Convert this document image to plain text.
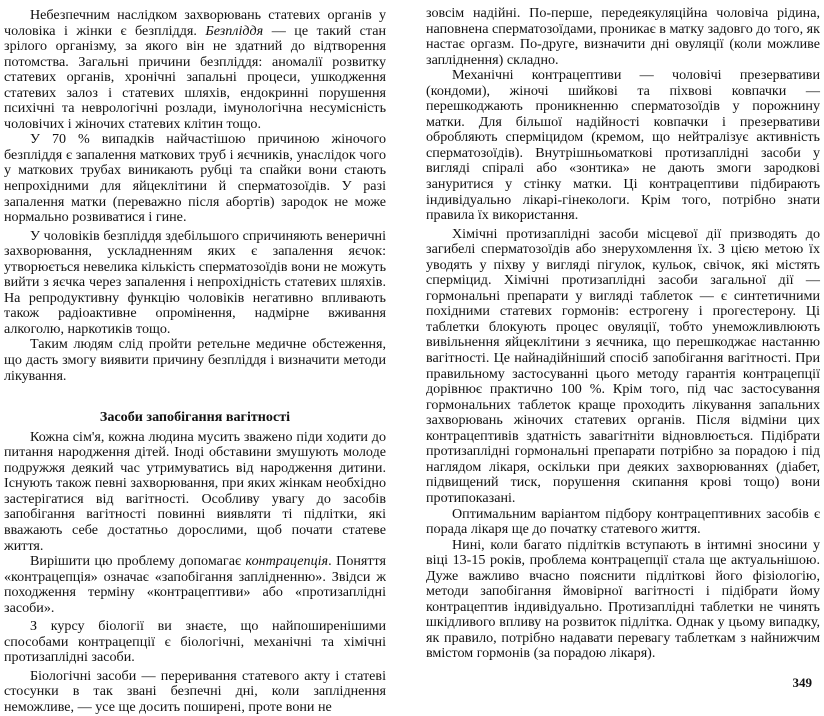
Небезпечним наслідком захворювань статевих органів у чоловіка і жінки є безпліддя. Безпліддя — це такий стан зрілого організму, за якого він не здатний до відтворення потомства. Загальні причини безпліддя: аномалії розвитку статевих органів, хронічні запальні процеси, ушкодження статевих залоз і статевих шляхів, ендокринні порушення психічні та неврологічні розлади, імунологічна несумісність чоловічих і жіночих статевих клітин тощо.

У 70 % випадків найчастішою причиною жіночого безпліддя є запалення маткових труб і яєчників, унаслідок чого у маткових трубах виникають рубці та спайки вони стають непрохідними для яйцеклітини й сперматозоїдів. У разі запалення матки (переважно після абортів) зародок не може нормально розвиватися і гине.

У чоловіків безпліддя здебільшого спричиняють венеричні захворювання, ускладненням яких є запалення яєчок: утворюється невелика кількість сперматозоїдів вони не можуть вийти з яєчка через запалення і непрохідність статевих шляхів. На репродуктивну функцію чоловіків негативно впливають також радіоактивне опромінення, надмірне вживання алкоголю, наркотиків тощо.

Таким людям слід пройти ретельне медичне обстеження, що дасть змогу виявити причину безпліддя і визначити методи лікування.

Засоби запобігання вагітності

Кожна сім'я, кожна людина мусить зважено піди ходити до питання народження дітей. Іноді обставини змушують молоде подружжя деякий час утримуватись від народження дитини. Існують також певні захворювання, при яких жінкам необхідно застерігатися від вагітності. Особливу увагу до засобів запобігання вагітності повинні виявляти ті підлітки, які вважають себе достатньо дорослими, щоб почати статеве життя.

Вирішити цю проблему допомагає контрацепція. Поняття «контрацепція» означає «запобігання заплідненню». Звідси ж походження терміну «контрацептиви» або «протизаплідні засоби».

З курсу біології ви знаєте, що найпоширенішими способами контрацепції є біологічні, механічні та хімічні протизаплідні засоби.

Біологічні засоби — переривання статевого акту і статеві стосунки в так звані безпечні дні, коли запліднення неможливе, — усе ще досить поширені, проте вони не

зовсім надійні. По-перше, передеякуляційна чоловіча рідина, наповнена сперматозоїдами, проникає в матку задовго до того, як настає оргазм. По-друге, визначити дні овуляції (коли можливе запліднення) складно.

Механічні контрацептиви — чоловічі презервативи (кондоми), жіночі шийкові та піхвові ковпачки — перешкоджають проникненню сперматозоїдів у порожнину матки. Для більшої надійності ковпачки і презервативи обробляють сперміцидом (кремом, що нейтралізує активність сперматозоїдів). Внутрішньоматкові протизаплідні засоби у вигляді спіралі або «зонтика» не дають змоги зародкові зануритися у стінку матки. Ці контрацептиви підбирають індивідуально лікарі-гінекологи. Крім того, потрібно знати правила їх використання.

Хімічні протизаплідні засоби місцевої дії призводять до загибелі сперматозоїдів або знерухомлення їх. З цією метою їх уводять у піхву у вигляді пігулок, кульок, свічок, які містять сперміцид. Хімічні протизаплідні засоби загальної дії — гормональні препарати у вигляді таблеток — є синтетичними похідними статевих гормонів: естрогену і прогестерону. Ці таблетки блокують процес овуляції, тобто унеможливлюють вивільнення яйцеклітини з яєчника, що перешкоджає настанню вагітності. Це найнадійніший спосіб запобігання вагітності. При правильному застосуванні цього методу гарантія контрацепції дорівнює практично 100 %. Крім того, під час застосування гормональних таблеток краще проходить лікування запальних захворювань жіночих статевих органів. Після відміни цих контрацептивів здатність завагітніти відновлюється. Підібрати протизаплідні гормональні препарати потрібно за порадою і під наглядом лікаря, оскільки при деяких захворюваннях (діабет, підвищений тиск, порушення скипання крові тощо) вони протипоказані.

Оптимальним варіантом підбору контрацептивних засобів є порада лікаря ще до початку статевого життя.

Нині, коли багато підлітків вступають в інтимні зносини у віці 13-15 років, проблема контрацепції стала ще актуальнішою. Дуже важливо вчасно пояснити підліткові його фізіологію, методи запобігання ймовірної вагітності і підібрати йому контрацептив індивідуально. Протизаплідні таблетки не чинять шкідливого впливу на розвиток підлітка. Однак у цьому випадку, як правило, потрібно надавати перевагу таблеткам з найнижчим вмістом гормонів (за порадою лікаря).

349
